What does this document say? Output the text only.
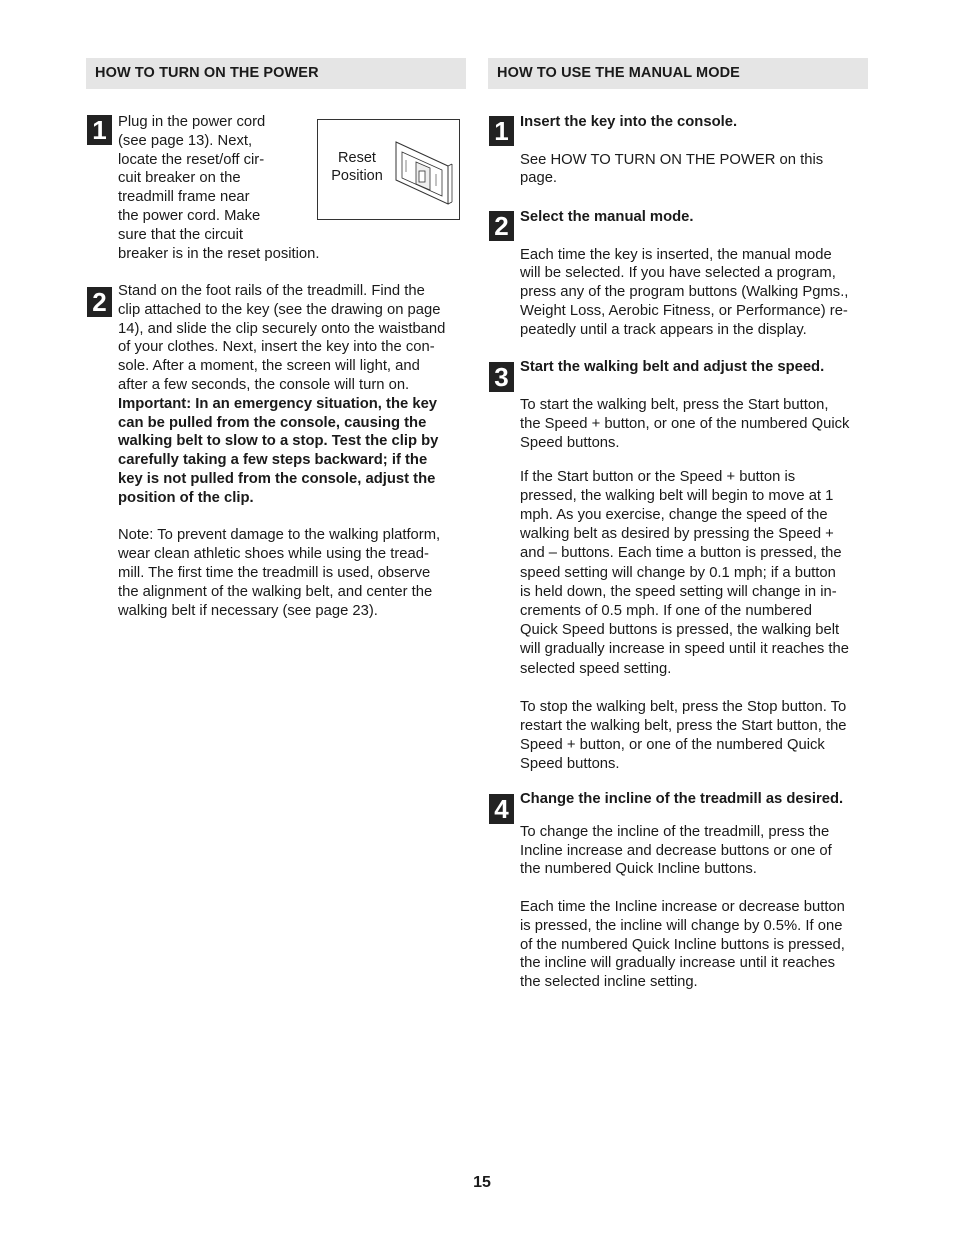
HOW TO TURN ON THE POWER
1 Plug in the power cord

(see page 13). Next,

locate the reset/off cir-

cuit breaker on the

treadmill frame near

the power cord. Make

sure that the circuit

breaker is in the reset position.

Reset
Position
2 Stand on the foot rails of the treadmill. Find the

clip attached to the key (see the drawing on page

14), and slide the clip securely onto the waistband

of your clothes. Next, insert the key into the con-

sole. After a moment, the screen will light, and

after a few seconds, the console will turn on.

Important: In an emergency situation, the key

can be pulled from the console, causing the

walking belt to slow to a stop. Test the clip by

carefully taking a few steps backward; if the

key is not pulled from the console, adjust the

position of the clip.

Note: To prevent damage to the walking platform,

wear clean athletic shoes while using the tread-

mill. The first time the treadmill is used, observe

the alignment of the walking belt, and center the

walking belt if necessary (see page 23).

HOW TO USE THE MANUAL MODE
1 Insert the key into the console.

See HOW TO TURN ON THE POWER on this

page.

2 Select the manual mode.

Each time the key is inserted, the manual mode

will be selected. If you have selected a program,

press any of the program buttons (Walking Pgms.,

Weight Loss, Aerobic Fitness, or Performance) re-

peatedly until a track appears in the display.

3 Start the walking belt and adjust the speed.

To start the walking belt, press the Start button,

the Speed + button, or one of the numbered Quick

Speed buttons.

If the Start button or the Speed + button is

pressed, the walking belt will begin to move at 1

mph. As you exercise, change the speed of the

walking belt as desired by pressing the Speed +

and – buttons. Each time a button is pressed, the

speed setting will change by 0.1 mph; if a button

is held down, the speed setting will change in in-

crements of 0.5 mph. If one of the numbered

Quick Speed buttons is pressed, the walking belt

will gradually increase in speed until it reaches the

selected speed setting.

To stop the walking belt, press the Stop button. To

restart the walking belt, press the Start button, the

Speed + button, or one of the numbered Quick

Speed buttons.

4 Change the incline of the treadmill as desired.

To change the incline of the treadmill, press the

Incline increase and decrease buttons or one of

the numbered Quick Incline buttons.

Each time the Incline increase or decrease button

is pressed, the incline will change by 0.5%. If one

of the numbered Quick Incline buttons is pressed,

the incline will gradually increase until it reaches

the selected incline setting.

15
